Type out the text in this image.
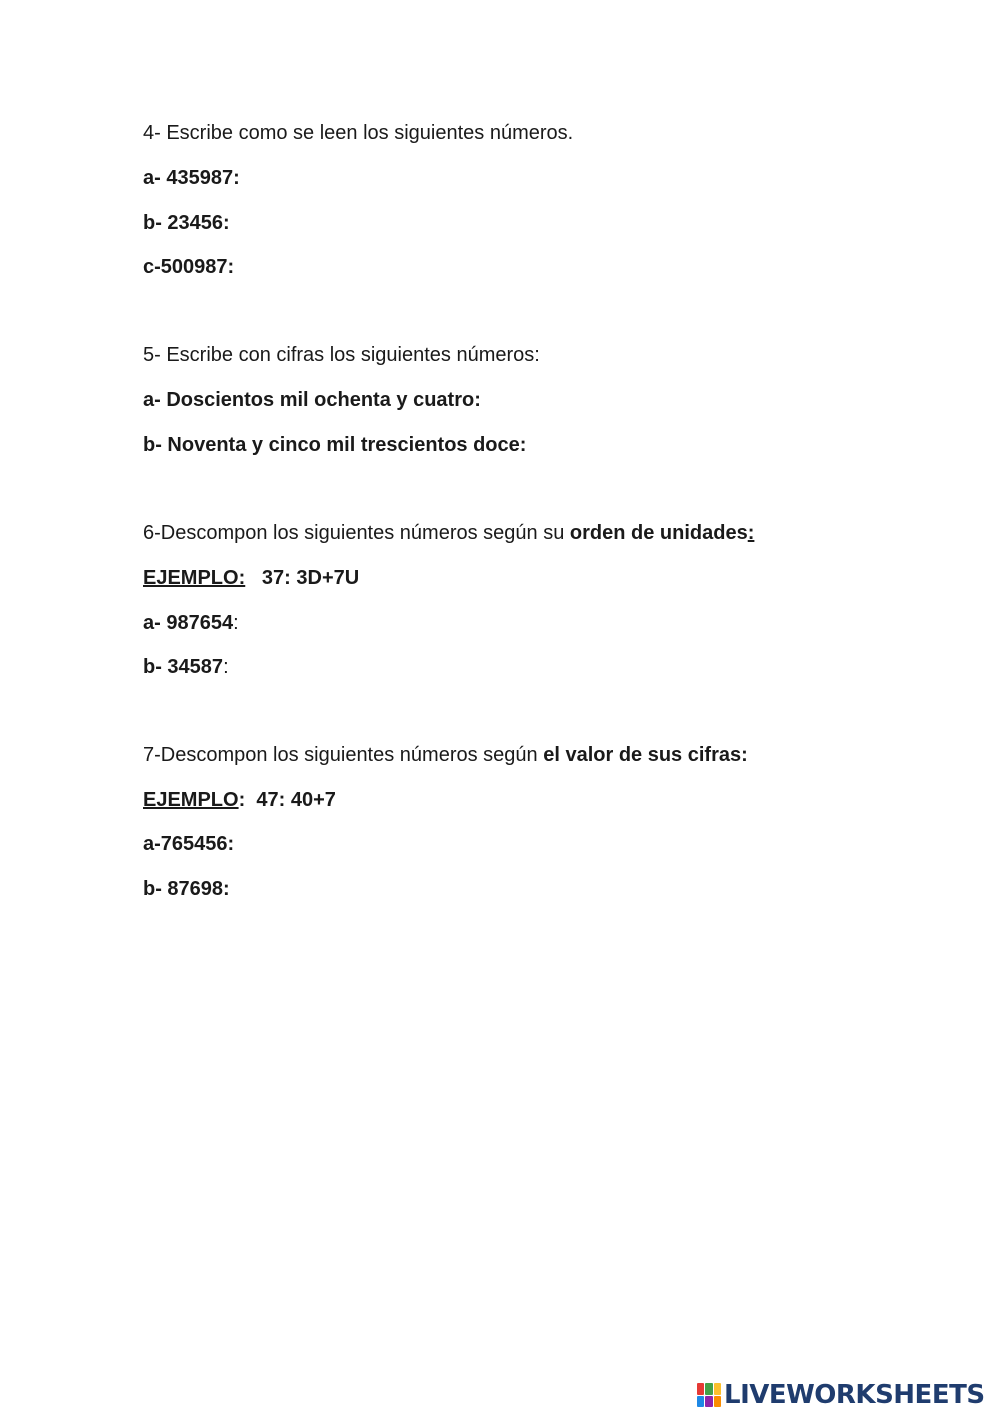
4- Escribe como se leen los siguientes números.
a- 435987:
b- 23456:
c-500987:
5- Escribe con cifras los siguientes números:
a- Doscientos mil ochenta y cuatro:
b- Noventa y cinco mil trescientos doce:
6-Descompon los siguientes números según su orden de unidades:
EJEMPLO: 37: 3D+7U
a- 987654:
b- 34587:
7-Descompon los siguientes números según el valor de sus cifras:
EJEMPLO: 47: 40+7
a-765456:
b- 87698:
LIVEWORKSHEETS
